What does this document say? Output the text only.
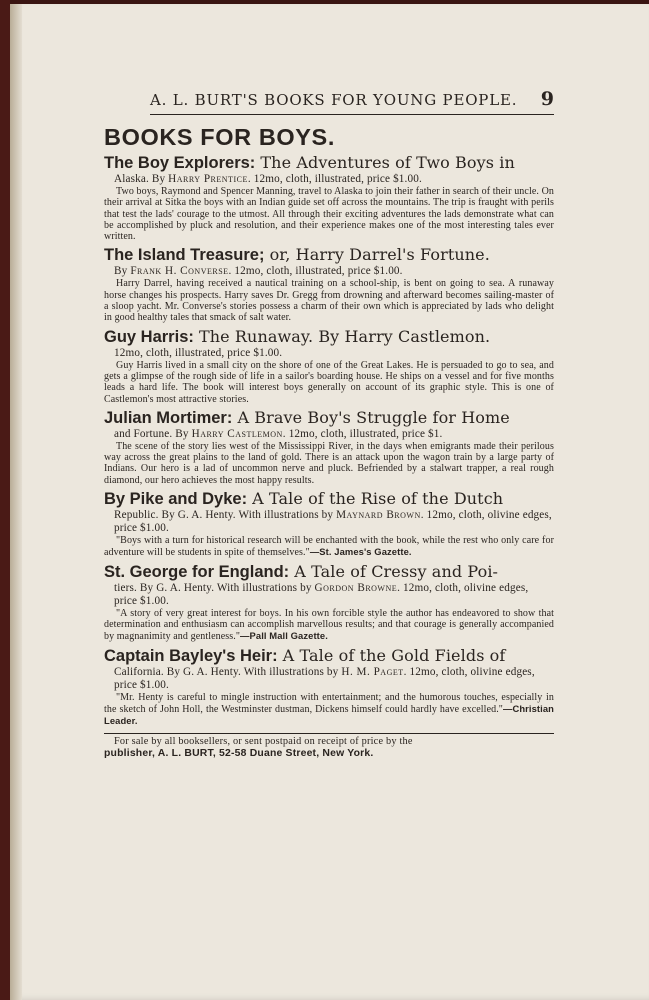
A. L. BURT'S BOOKS FOR YOUNG PEOPLE. 9
BOOKS FOR BOYS.
The Boy Explorers: The Adventures of Two Boys in
Alaska. By Harry Prentice. 12mo, cloth, illustrated, price $1.00.
Two boys, Raymond and Spencer Manning, travel to Alaska to join their father in search of their uncle. On their arrival at Sitka the boys with an Indian guide set off across the mountains. The trip is fraught with perils that test the lads' courage to the utmost. All through their exciting adventures the lads demonstrate what can be accomplished by pluck and resolution, and their experience makes one of the most interesting tales ever written.
The Island Treasure; or, Harry Darrel's Fortune.
By Frank H. Converse. 12mo, cloth, illustrated, price $1.00.
Harry Darrel, having received a nautical training on a school-ship, is bent on going to sea. A runaway horse changes his prospects. Harry saves Dr. Gregg from drowning and afterward becomes sailing-master of a sloop yacht. Mr. Converse's stories possess a charm of their own which is appreciated by lads who delight in good healthy tales that smack of salt water.
Guy Harris: The Runaway. By Harry Castlemon.
12mo, cloth, illustrated, price $1.00.
Guy Harris lived in a small city on the shore of one of the Great Lakes. He is persuaded to go to sea, and gets a glimpse of the rough side of life in a sailor's boarding house. He ships on a vessel and for five months leads a hard life. The book will interest boys generally on account of its graphic style. This is one of Castlemon's most attractive stories.
Julian Mortimer: A Brave Boy's Struggle for Home
and Fortune. By Harry Castlemon. 12mo, cloth, illustrated, price $1.
The scene of the story lies west of the Mississippi River, in the days when emigrants made their perilous way across the great plains to the land of gold. There is an attack upon the wagon train by a large party of Indians. Our hero is a lad of uncommon nerve and pluck. Befriended by a stalwart trapper, a real rough diamond, our hero achieves the most happy results.
By Pike and Dyke: A Tale of the Rise of the Dutch
Republic. By G. A. Henty. With illustrations by Maynard Brown. 12mo, cloth, olivine edges, price $1.00.
"Boys with a turn for historical research will be enchanted with the book, while the rest who only care for adventure will be students in spite of themselves."—St. James's Gazette.
St. George for England: A Tale of Cressy and Poi-
tiers. By G. A. Henty. With illustrations by Gordon Browne. 12mo, cloth, olivine edges, price $1.00.
"A story of very great interest for boys. In his own forcible style the author has endeavored to show that determination and enthusiasm can accomplish marvellous results; and that courage is generally accompanied by magnanimity and gentleness."—Pall Mall Gazette.
Captain Bayley's Heir: A Tale of the Gold Fields of
California. By G. A. Henty. With illustrations by H. M. Paget. 12mo, cloth, olivine edges, price $1.00.
"Mr. Henty is careful to mingle instruction with entertainment; and the humorous touches, especially in the sketch of John Holl, the Westminster dustman, Dickens himself could hardly have excelled."—Christian Leader.
For sale by all booksellers, or sent postpaid on receipt of price by the
publisher, A. L. BURT, 52-58 Duane Street, New York.
